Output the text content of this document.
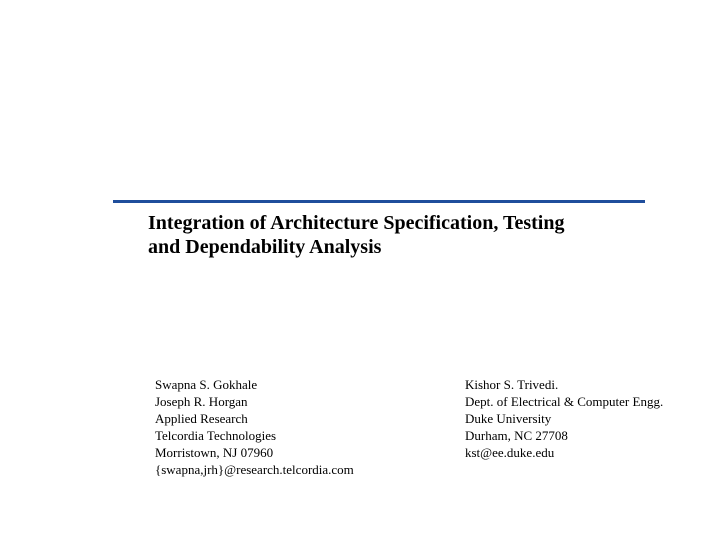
Integration of Architecture Specification, Testing
and Dependability Analysis
Swapna S. Gokhale
Joseph R. Horgan
Applied Research
Telcordia Technologies
Morristown, NJ 07960
{swapna,jrh}@research.telcordia.com
Kishor S. Trivedi.
Dept. of Electrical & Computer Engg.
Duke University
Durham, NC 27708
kst@ee.duke.edu
